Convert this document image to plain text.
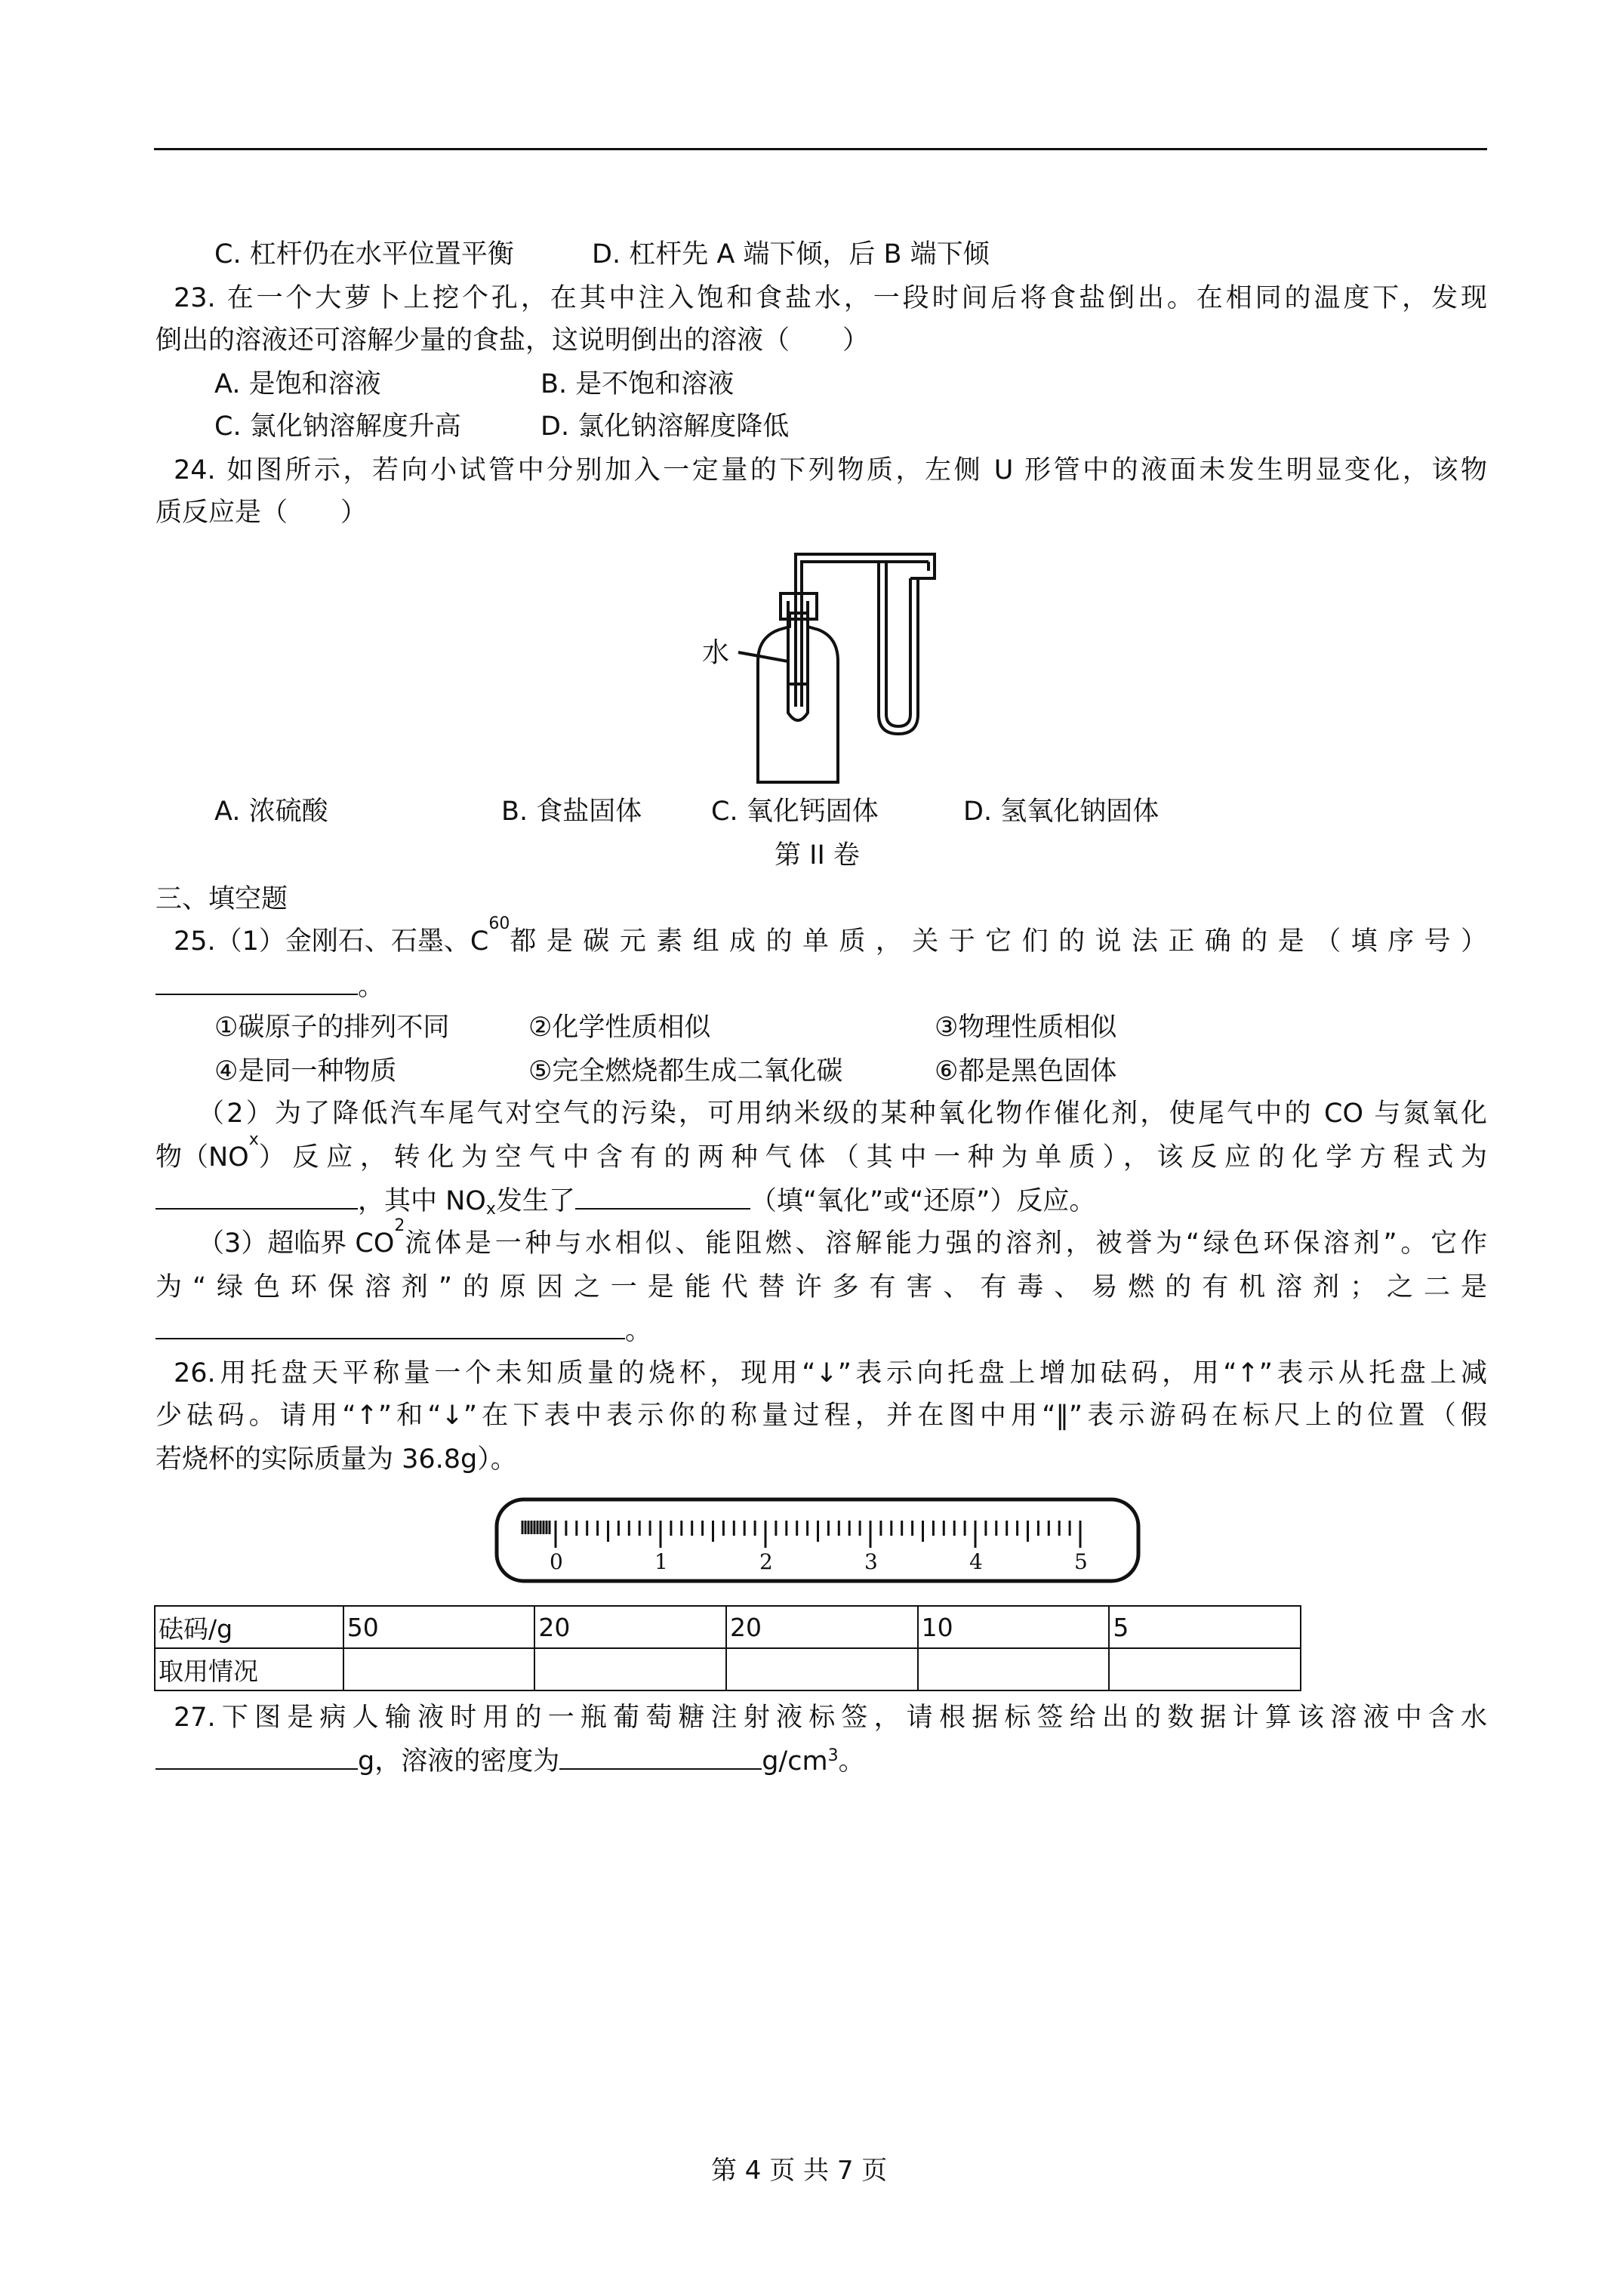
C. 杠杆仍在水平位置平衡	D. 杠杆先 A 端下倾，后 B 端下倾
23. 在一个大萝卜上挖个孔，在其中注入饱和食盐水，一段时间后将食盐倒出。在相同的温度下，发现
倒出的溶液还可溶解少量的食盐，这说明倒出的溶液（　　）
A. 是饱和溶液	B. 是不饱和溶液
C. 氯化钠溶解度升高	D. 氯化钠溶解度降低
24. 如图所示，若向小试管中分别加入一定量的下列物质，左侧 U 形管中的液面未发生明显变化，该物
质反应是（　　）
水
A. 浓硫酸	B. 食盐固体	C. 氧化钙固体	D. 氢氧化钠固体
第 II 卷
三、填空题
25.（1）金刚石、石墨、C
60
都是碳元素组成的单质，关于它们的说法正确的是（填序号）
。
①碳原子的排列不同	②化学性质相似	③物理性质相似
④是同一种物质	⑤完全燃烧都生成二氧化碳	⑥都是黑色固体
（2）为了降低汽车尾气对空气的污染，可用纳米级的某种氧化物作催化剂，使尾气中的 CO 与氮氧化
物（NO
x
）反应，转化为空气中含有的两种气体（其中一种为单质），该反应的化学方程式为
，其中 $NO_x$发生了	（填“氧化”或“还原”）反应。
（3）超临界 CO
2
流体是一种与水相似、能阻燃、溶解能力强的溶剂，被誉为“绿色环保溶剂”。它作
为“绿色环保溶剂”的原因之一是能代替许多有害、有毒、易燃的有机溶剂；之二是
。
26.用托盘天平称量一个未知质量的烧杯，现用“↓”表示向托盘上增加砝码，用“↑”表示从托盘上减
少砝码。请用“↑”和“↓”在下表中表示你的称量过程，并在图中用“‖”表示游码在标尺上的位置（假
若烧杯的实际质量为 36.8g）。
0	1	2	3	4	5
砝码/g	50	20	20	10	5
取用情况					
27.下图是病人输液时用的一瓶葡萄糖注射液标签，请根据标签给出的数据计算该溶液中含水
g，溶液的密度为	$g/cm^3$。
第 4 页 共 7 页
